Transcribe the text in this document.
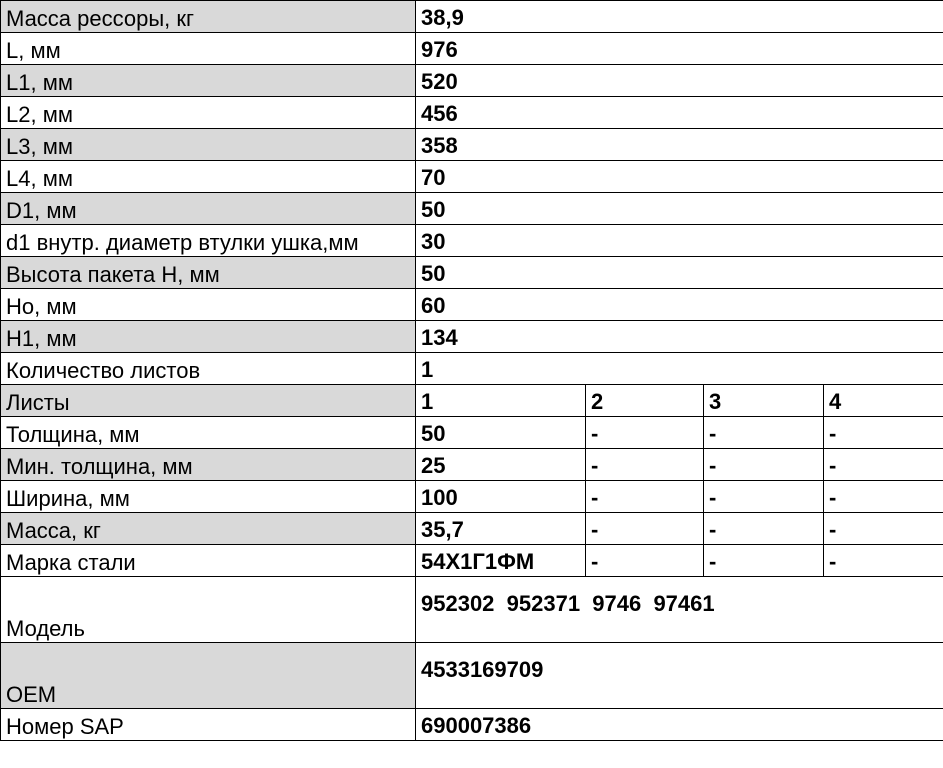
Масса рессоры, кг	38,9			
L, мм	976			
L1, мм	520			
L2, мм	456			
L3, мм	358			
L4, мм	70			
D1, мм	50			
d1 внутр. диаметр втулки ушка,мм	30			
Высота пакета H, мм	50			
Ho, мм	60			
H1, мм	134			
Количество листов	1			
Листы	1	2	3	4
Толщина, мм	50	-	-	-
Мин. толщина, мм	25	-	-	-
Ширина, мм	100	-	-	-
Масса, кг	35,7	-	-	-
Марка стали	54Х1Г1ФМ	-	-	-
Модель	952302  952371  9746  97461			
OEM	4533169709			
Номер SAP	690007386			
